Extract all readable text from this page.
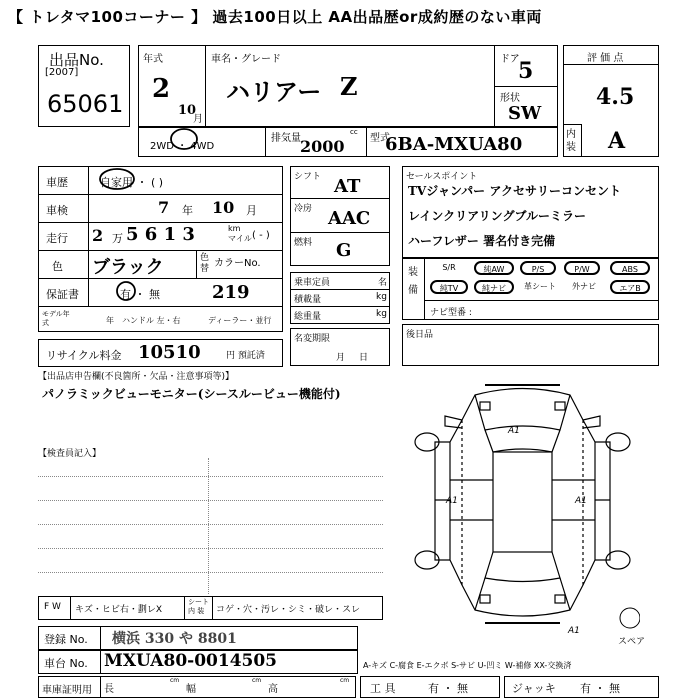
【 トレタマ100コーナー 】 過去100日以上 AA出品歴or成約歴のない車両
出品No.
[2007]
65061
年式
2
10
月
車名・グレード
ハリアー Z
ドア
5
形状
SW
評 価 点
4.5
内装 A
2WD ・ 4WD
排気量
cc
2000	型式
6BA-MXUA80
車歴	自家用 ・ ( )
車検	7 年 10 月
走行 2 万 5 6 1 3	km
マイル ( - )
色 ブラック	色替 カラーNo.
保証書	有 ・ 無	219
モデル年式	年 ハンドル 左・右	ディーラー・並行
リサイクル料金 10510	円 預託済
シフト AT
冷房 AAC
燃料 G
乗車定員	名
積載量	kg
総重量	kg
名変期限
月日
セールスポイント
TVジャンパー アクセサリーコンセント
レインクリアリングブルーミラー
ハーフレザー 署名付き完備
装備
S/R	純AW	P/S	P/W	ABS
純TV	純ナビ	革シート	外ナビ	エアB
ナビ型番 :
後日品
【出品店申告欄(不良箇所・欠品・注意事項等)】
パノラミックビューモニター(シースルービュー機能付)
【検査員記入】
A1
A1	A1
A1
スペア
F W キズ・ヒビ右・劃レX
シート
内 装	コゲ・穴・汚レ・シミ・破レ・スレ
登録 No. 横浜 330 や 8801
車台 No. MXUA80-0014505	A-キズ C-腐食 E-エクボ S-サビ U-凹ミ W-補修 XX-交換済
車庫証明用 長
cm
幅
cm
高
cm
工 具	有 ・ 無	ジャッキ 有 ・ 無
